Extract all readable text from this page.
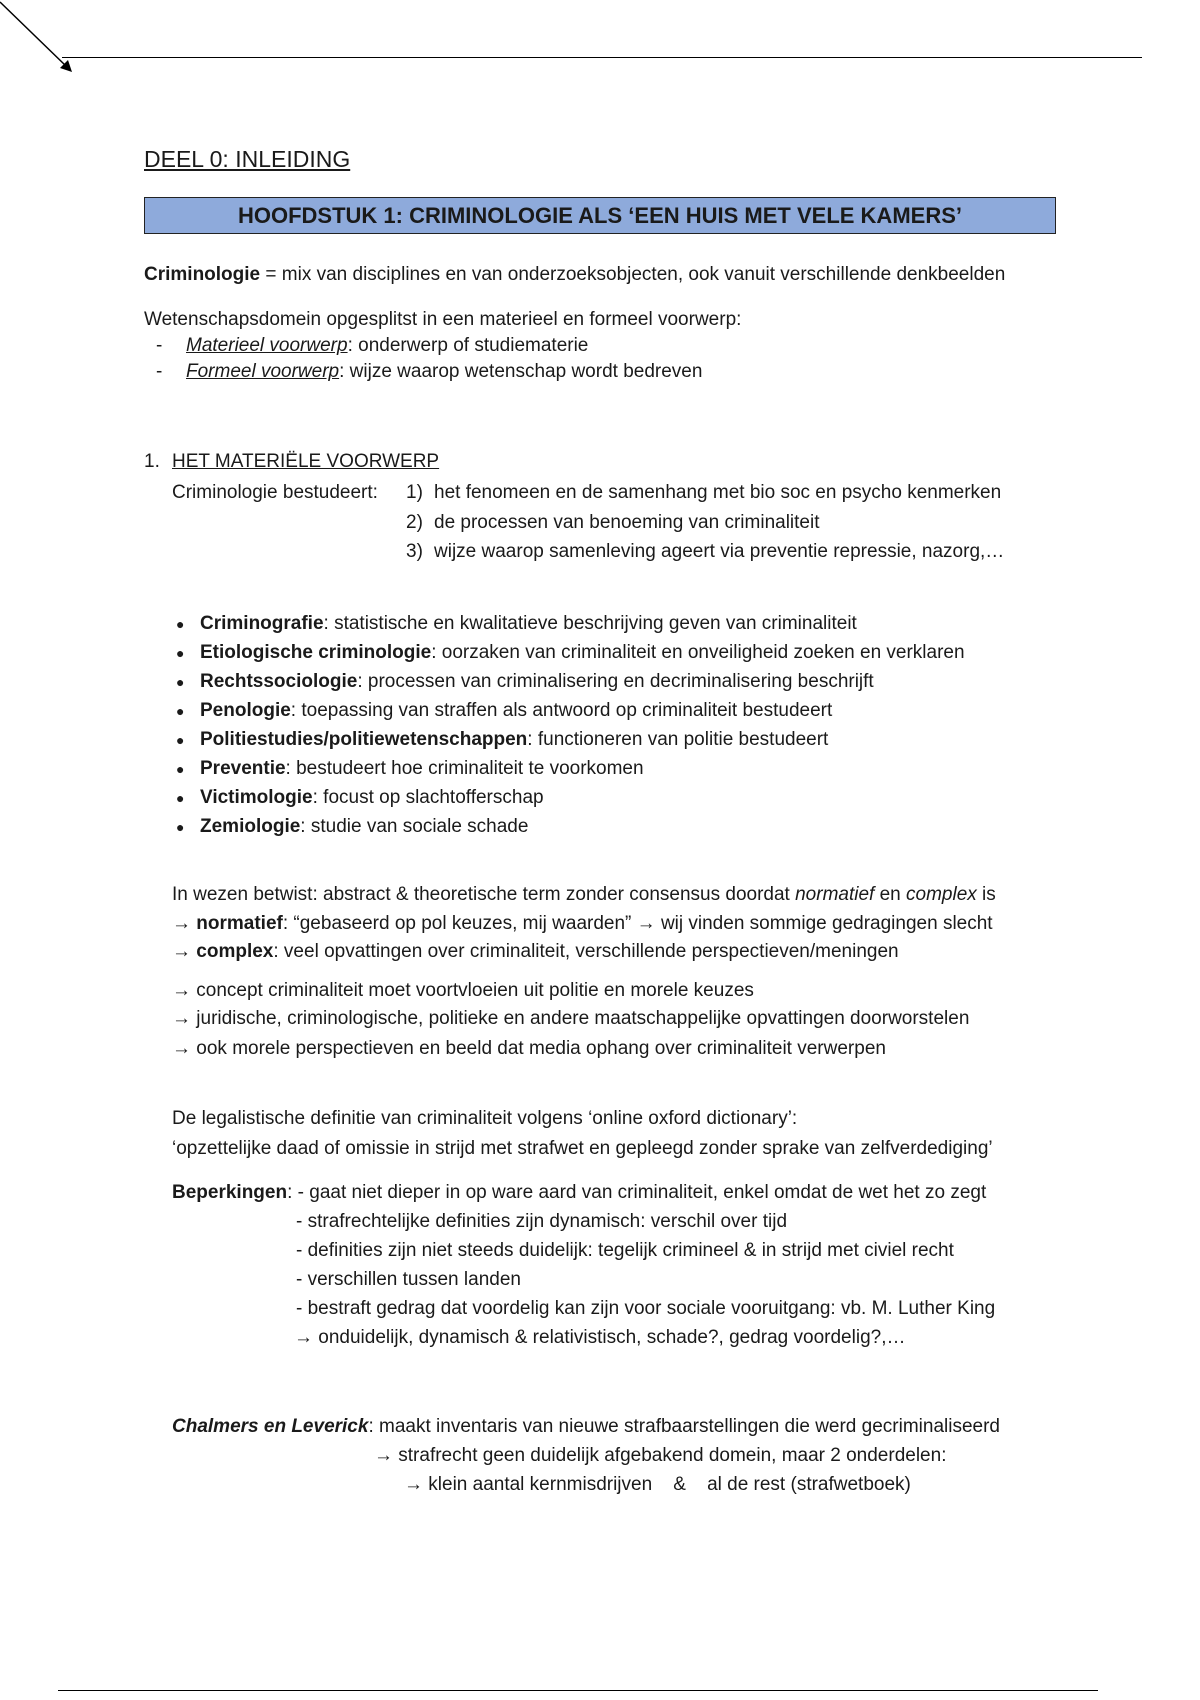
DEEL 0: INLEIDING
HOOFDSTUK 1: CRIMINOLOGIE ALS ‘EEN HUIS MET VELE KAMERS’
Criminologie = mix van disciplines en van onderzoeksobjecten, ook vanuit verschillende denkbeelden
Wetenschapsdomein opgesplitst in een materieel en formeel voorwerp:
- Materieel voorwerp: onderwerp of studiematerie
- Formeel voorwerp: wijze waarop wetenschap wordt bedreven
1. HET MATERIËLE VOORWERP
Criminologie bestudeert: 1) het fenomeen en de samenhang met bio soc en psycho kenmerken
2) de processen van benoeming van criminaliteit
3) wijze waarop samenleving ageert via preventie repressie, nazorg,…
● Criminografie: statistische en kwalitatieve beschrijving geven van criminaliteit
● Etiologische criminologie: oorzaken van criminaliteit en onveiligheid zoeken en verklaren
● Rechtssociologie: processen van criminalisering en decriminalisering beschrijft
● Penologie: toepassing van straffen als antwoord op criminaliteit bestudeert
● Politiestudies/politiewetenschappen: functioneren van politie bestudeert
● Preventie: bestudeert hoe criminaliteit te voorkomen
● Victimologie: focust op slachtofferschap
● Zemiologie: studie van sociale schade
In wezen betwist: abstract & theoretische term zonder consensus doordat normatief en complex is
→ normatief: “gebaseerd op pol keuzes, mij waarden” → wij vinden sommige gedragingen slecht
→ complex: veel opvattingen over criminaliteit, verschillende perspectieven/meningen
→ concept criminaliteit moet voortvloeien uit politie en morele keuzes
→ juridische, criminologische, politieke en andere maatschappelijke opvattingen doorworstelen
→ ook morele perspectieven en beeld dat media ophang over criminaliteit verwerpen
De legalistische definitie van criminaliteit volgens ‘online oxford dictionary’:
‘opzettelijke daad of omissie in strijd met strafwet en gepleegd zonder sprake van zelfverdediging’
Beperkingen: - gaat niet dieper in op ware aard van criminaliteit, enkel omdat de wet het zo zegt
- strafrechtelijke definities zijn dynamisch: verschil over tijd
- definities zijn niet steeds duidelijk: tegelijk crimineel & in strijd met civiel recht
- verschillen tussen landen
- bestraft gedrag dat voordelig kan zijn voor sociale vooruitgang: vb. M. Luther King
→ onduidelijk, dynamisch & relativistisch, schade?, gedrag voordelig?,…
Chalmers en Leverick: maakt inventaris van nieuwe strafbaarstellingen die werd gecriminaliseerd
→ strafrecht geen duidelijk afgebakend domein, maar 2 onderdelen:
→ klein aantal kernmisdrijven    &    al de rest (strafwetboek)
